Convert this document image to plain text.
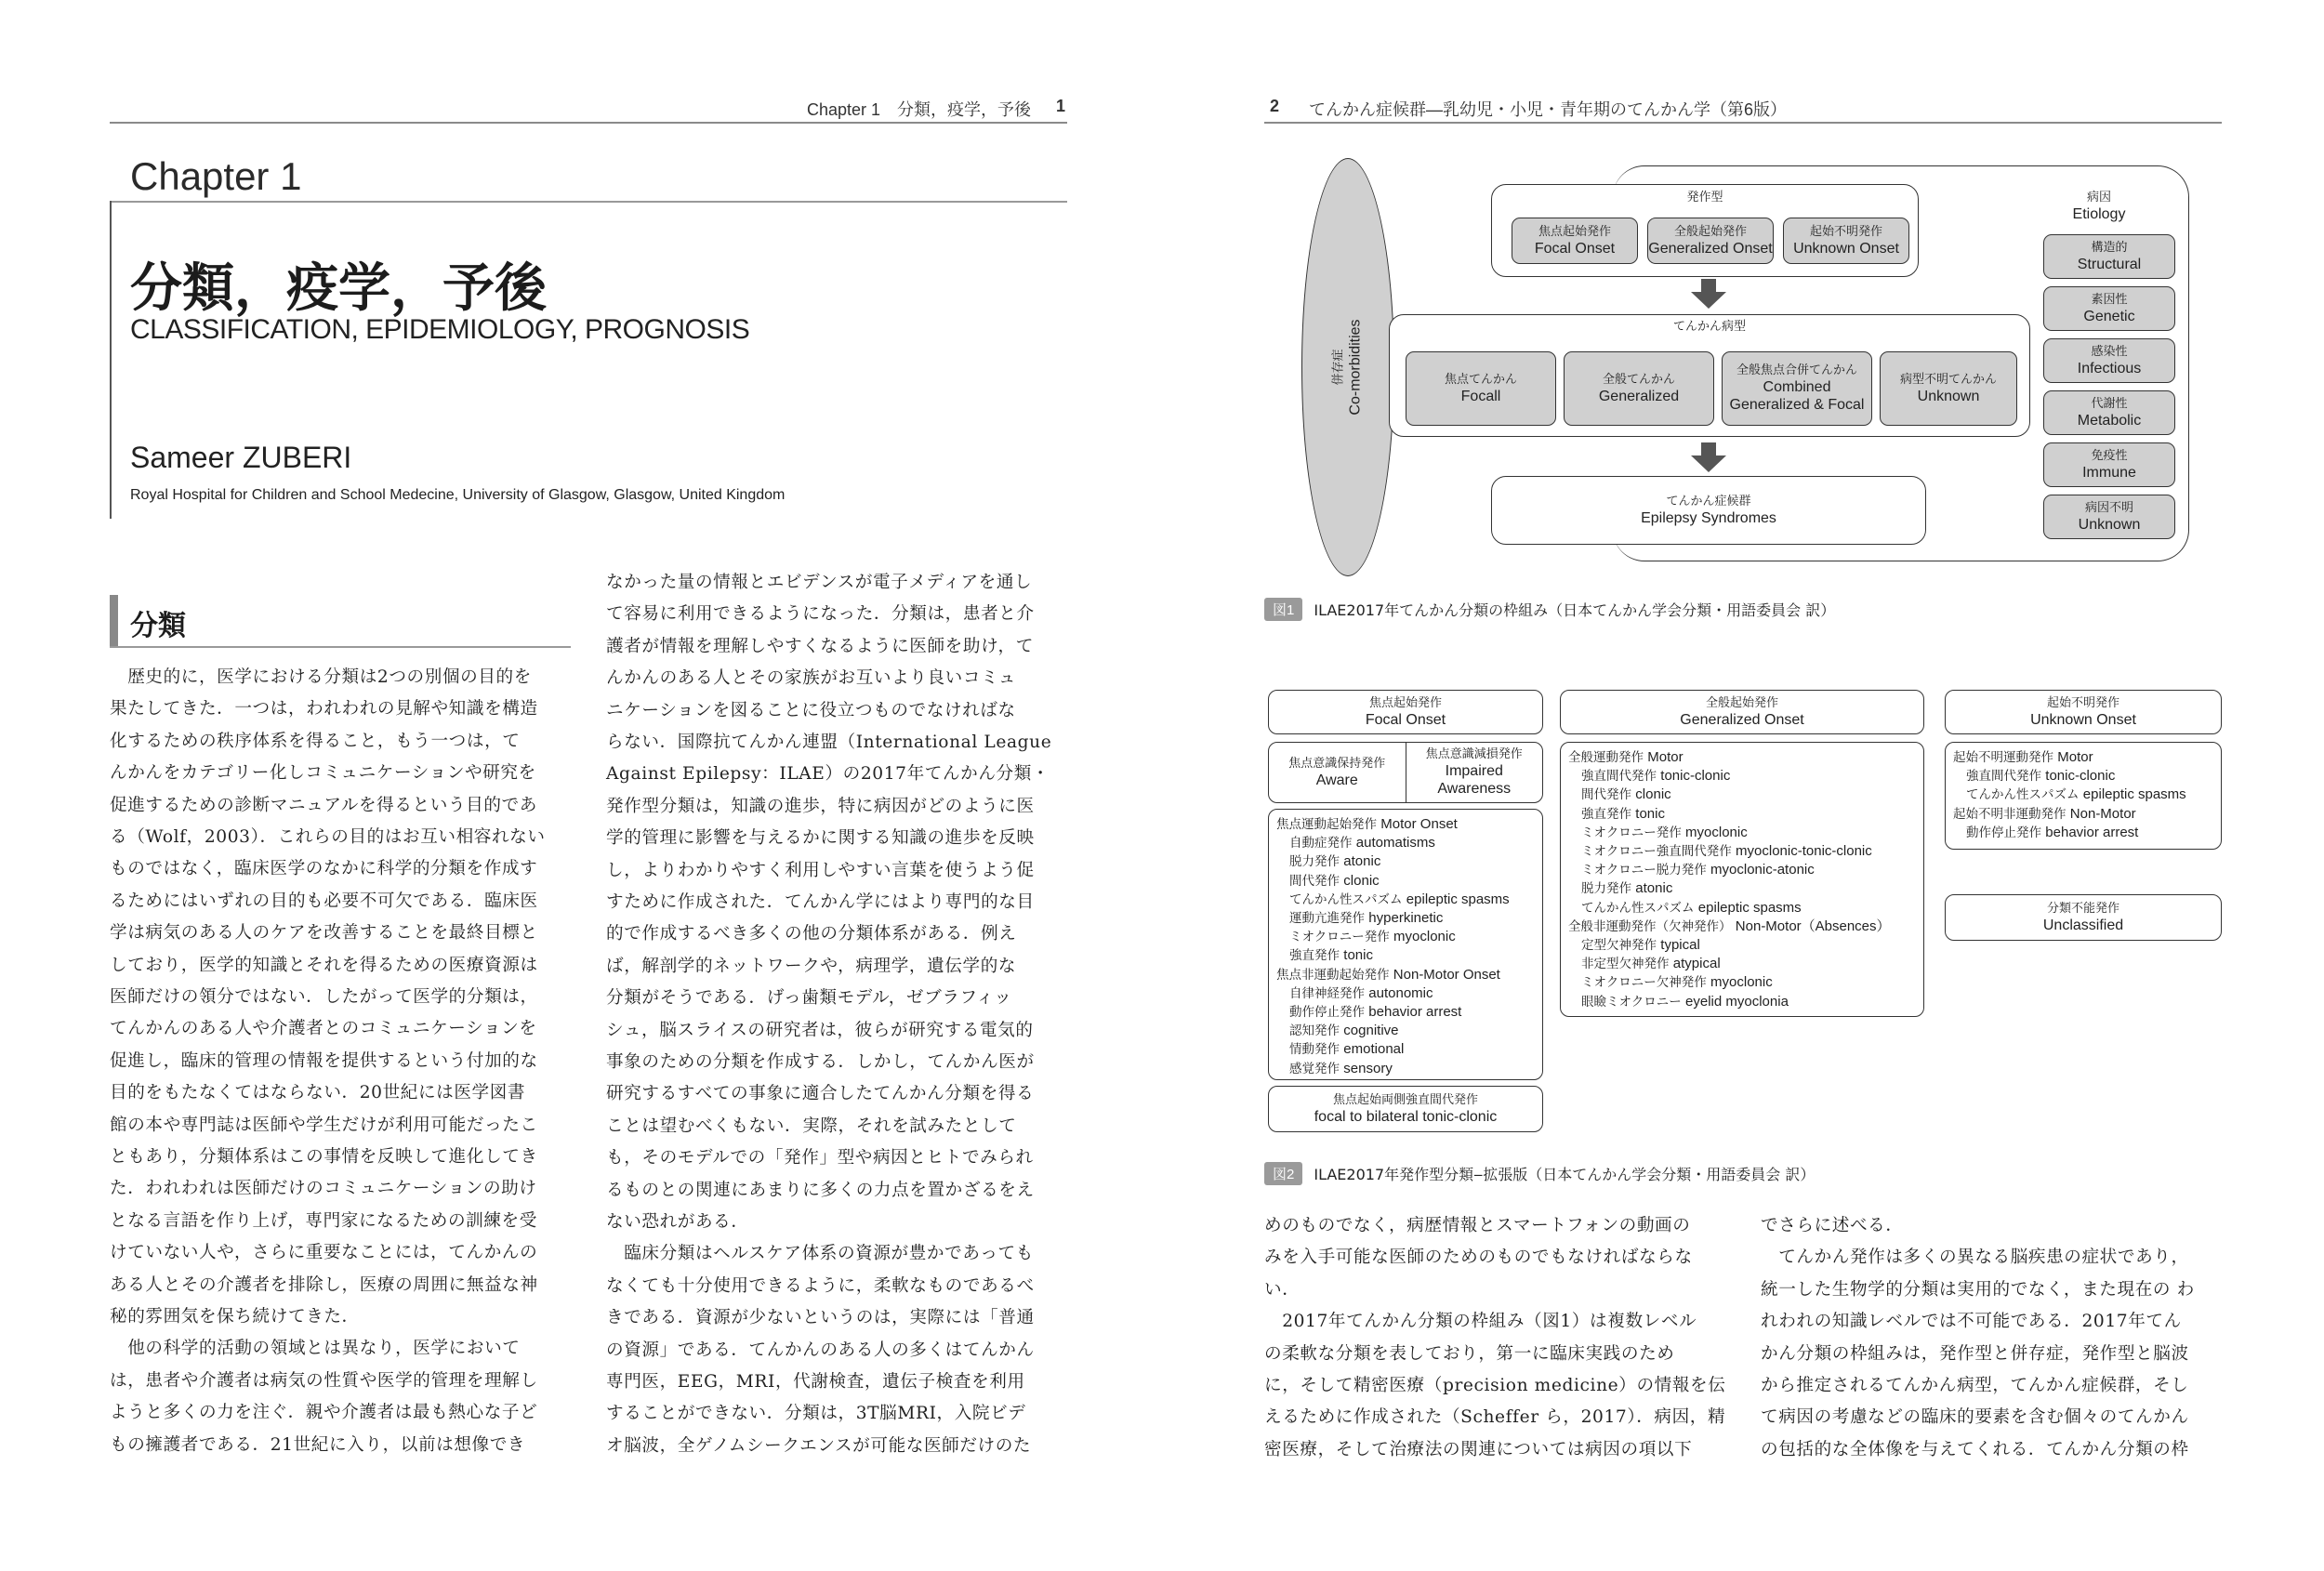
Chapter 1　分類，疫学，予後 1
Chapter 1
分類，疫学，予後
CLASSIFICATION, EPIDEMIOLOGY, PROGNOSIS
Sameer ZUBERI
Royal Hospital for Children and School Medecine, University of Glasgow, Glasgow, United Kingdom
分類
　歴史的に，医学における分類は2つの別個の目的を
果たしてきた．一つは，われわれの見解や知識を構造
化するための秩序体系を得ること，もう一つは，て
んかんをカテゴリー化しコミュニケーションや研究を
促進するための診断マニュアルを得るという目的であ
る（Wolf，2003）．これらの目的はお互い相容れない
ものではなく，臨床医学のなかに科学的分類を作成す
るためにはいずれの目的も必要不可欠である．臨床医
学は病気のある人のケアを改善することを最終目標と
しており，医学的知識とそれを得るための医療資源は
医師だけの領分ではない．したがって医学的分類は，
てんかんのある人や介護者とのコミュニケーションを
促進し，臨床的管理の情報を提供するという付加的な
目的をもたなくてはならない．20世紀には医学図書
館の本や専門誌は医師や学生だけが利用可能だったこ
ともあり，分類体系はこの事情を反映して進化してき
た．われわれは医師だけのコミュニケーションの助け
となる言語を作り上げ，専門家になるための訓練を受
けていない人や，さらに重要なことには，てんかんの
ある人とその介護者を排除し，医療の周囲に無益な神
秘的雰囲気を保ち続けてきた．
　他の科学的活動の領域とは異なり，医学において
は，患者や介護者は病気の性質や医学的管理を理解し
ようと多くの力を注ぐ．親や介護者は最も熱心な子ど
もの擁護者である．21世紀に入り，以前は想像でき
なかった量の情報とエビデンスが電子メディアを通し
て容易に利用できるようになった．分類は，患者と介
護者が情報を理解しやすくなるように医師を助け，て
んかんのある人とその家族がお互いより良いコミュ
ニケーションを図ることに役立つものでなければな
らない．国際抗てんかん連盟（International League
Against Epilepsy：ILAE）の2017年てんかん分類・
発作型分類は，知識の進歩，特に病因がどのように医
学的管理に影響を与えるかに関する知識の進歩を反映
し，よりわかりやすく利用しやすい言葉を使うよう促
すために作成された．てんかん学にはより専門的な目
的で作成するべき多くの他の分類体系がある．例え
ば，解剖学的ネットワークや，病理学，遺伝学的な
分類がそうである．げっ歯類モデル，ゼブラフィッ
シュ，脳スライスの研究者は，彼らが研究する電気的
事象のための分類を作成する．しかし，てんかん医が
研究するすべての事象に適合したてんかん分類を得る
ことは望むべくもない．実際，それを試みたとして
も，そのモデルでの「発作」型や病因とヒトでみられ
るものとの関連にあまりに多くの力点を置かざるをえ
ない恐れがある．
　臨床分類はヘルスケア体系の資源が豊かであっても
なくても十分使用できるように，柔軟なものであるべ
きである．資源が少ないというのは，実際には「普通
の資源」である．てんかんのある人の多くはてんかん
専門医，EEG，MRI，代謝検査，遺伝子検査を利用
することができない．分類は，3T脳MRI，入院ビデ
オ脳波，全ゲノムシークエンスが可能な医師だけのた
2 てんかん症候群―乳幼児・小児・青年期のてんかん学（第6版）
併存症 Co-morbidities
病因
Etiology
構造的
Structural
素因性
Genetic
感染性
Infectious
代謝性
Metabolic
免疫性
Immune
病因不明
Unknown
発作型
焦点起始発作
Focal Onset
全般起始発作
Generalized Onset
起始不明発作
Unknown Onset
てんかん病型
焦点てんかん
Focall
全般てんかん
Generalized
全般焦点合併てんかん
Combined
Generalized & Focal
病型不明てんかん
Unknown
てんかん症候群
Epilepsy Syndromes
図1	ILAE2017年てんかん分類の枠組み（日本てんかん学会分類・用語委員会 訳）
焦点起始発作
Focal Onset
焦点意識保持発作
Aware
焦点意識減損発作
Impaired
Awareness
焦点運動起始発作 Motor Onset
自動症発作 automatisms
脱力発作 atonic
間代発作 clonic
てんかん性スパズム epileptic spasms
運動亢進発作 hyperkinetic
ミオクロニー発作 myoclonic
強直発作 tonic
焦点非運動起始発作 Non-Motor Onset
自律神経発作 autonomic
動作停止発作 behavior arrest
認知発作 cognitive
情動発作 emotional
感覚発作 sensory
焦点起始両側強直間代発作
focal to bilateral tonic-clonic
全般起始発作
Generalized Onset
全般運動発作 Motor
強直間代発作 tonic-clonic
間代発作 clonic
強直発作 tonic
ミオクロニー発作 myoclonic
ミオクロニー強直間代発作 myoclonic-tonic-clonic
ミオクロニー脱力発作 myoclonic-atonic
脱力発作 atonic
てんかん性スパズム epileptic spasms
全般非運動発作（欠神発作） Non-Motor（Absences）
定型欠神発作 typical
非定型欠神発作 atypical
ミオクロニー欠神発作 myoclonic
眼瞼ミオクロニー eyelid myoclonia
起始不明発作
Unknown Onset
起始不明運動発作 Motor
強直間代発作 tonic-clonic
てんかん性スパズム epileptic spasms
起始不明非運動発作 Non-Motor
動作停止発作 behavior arrest
分類不能発作
Unclassified
図2	ILAE2017年発作型分類‒拡張版（日本てんかん学会分類・用語委員会 訳）
めのものでなく，病歴情報とスマートフォンの動画の
みを入手可能な医師のためのものでもなければならな
い．
　2017年てんかん分類の枠組み（図1）は複数レベル
の柔軟な分類を表しており，第一に臨床実践のため
に，そして精密医療（precision medicine）の情報を伝
えるために作成された（Scheffer ら，2017）．病因，精
密医療，そして治療法の関連については病因の項以下
でさらに述べる．
　てんかん発作は多くの異なる脳疾患の症状であり，
統一した生物学的分類は実用的でなく，また現在の わ
れわれの知識レベルでは不可能である．2017年てん
かん分類の枠組みは，発作型と併存症，発作型と脳波
から推定されるてんかん病型，てんかん症候群，そし
て病因の考慮などの臨床的要素を含む個々のてんかん
の包括的な全体像を与えてくれる．てんかん分類の枠
